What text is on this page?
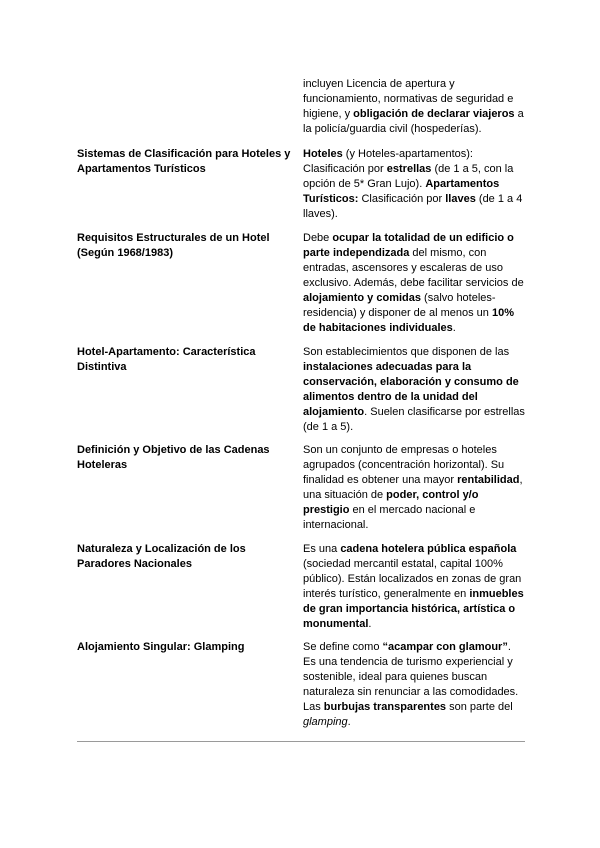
incluyen Licencia de apertura y funcionamiento, normativas de seguridad e higiene, y obligación de declarar viajeros a la policía/guardia civil (hospederías).
Sistemas de Clasificación para Hoteles y Apartamentos Turísticos
Hoteles (y Hoteles-apartamentos): Clasificación por estrellas (de 1 a 5, con la opción de 5* Gran Lujo). Apartamentos Turísticos: Clasificación por llaves (de 1 a 4 llaves).
Requisitos Estructurales de un Hotel (Según 1968/1983)
Debe ocupar la totalidad de un edificio o parte independizada del mismo, con entradas, ascensores y escaleras de uso exclusivo. Además, debe facilitar servicios de alojamiento y comidas (salvo hoteles-residencia) y disponer de al menos un 10% de habitaciones individuales.
Hotel-Apartamento: Característica Distintiva
Son establecimientos que disponen de las instalaciones adecuadas para la conservación, elaboración y consumo de alimentos dentro de la unidad del alojamiento. Suelen clasificarse por estrellas (de 1 a 5).
Definición y Objetivo de las Cadenas Hoteleras
Son un conjunto de empresas o hoteles agrupados (concentración horizontal). Su finalidad es obtener una mayor rentabilidad, una situación de poder, control y/o prestigio en el mercado nacional e internacional.
Naturaleza y Localización de los Paradores Nacionales
Es una cadena hotelera pública española (sociedad mercantil estatal, capital 100% público). Están localizados en zonas de gran interés turístico, generalmente en inmuebles de gran importancia histórica, artística o monumental.
Alojamiento Singular: Glamping	Se define como “acampar con glamour”. Es una tendencia de turismo experiencial y sostenible, ideal para quienes buscan naturaleza sin renunciar a las comodidades. Las burbujas transparentes son parte del glamping.
